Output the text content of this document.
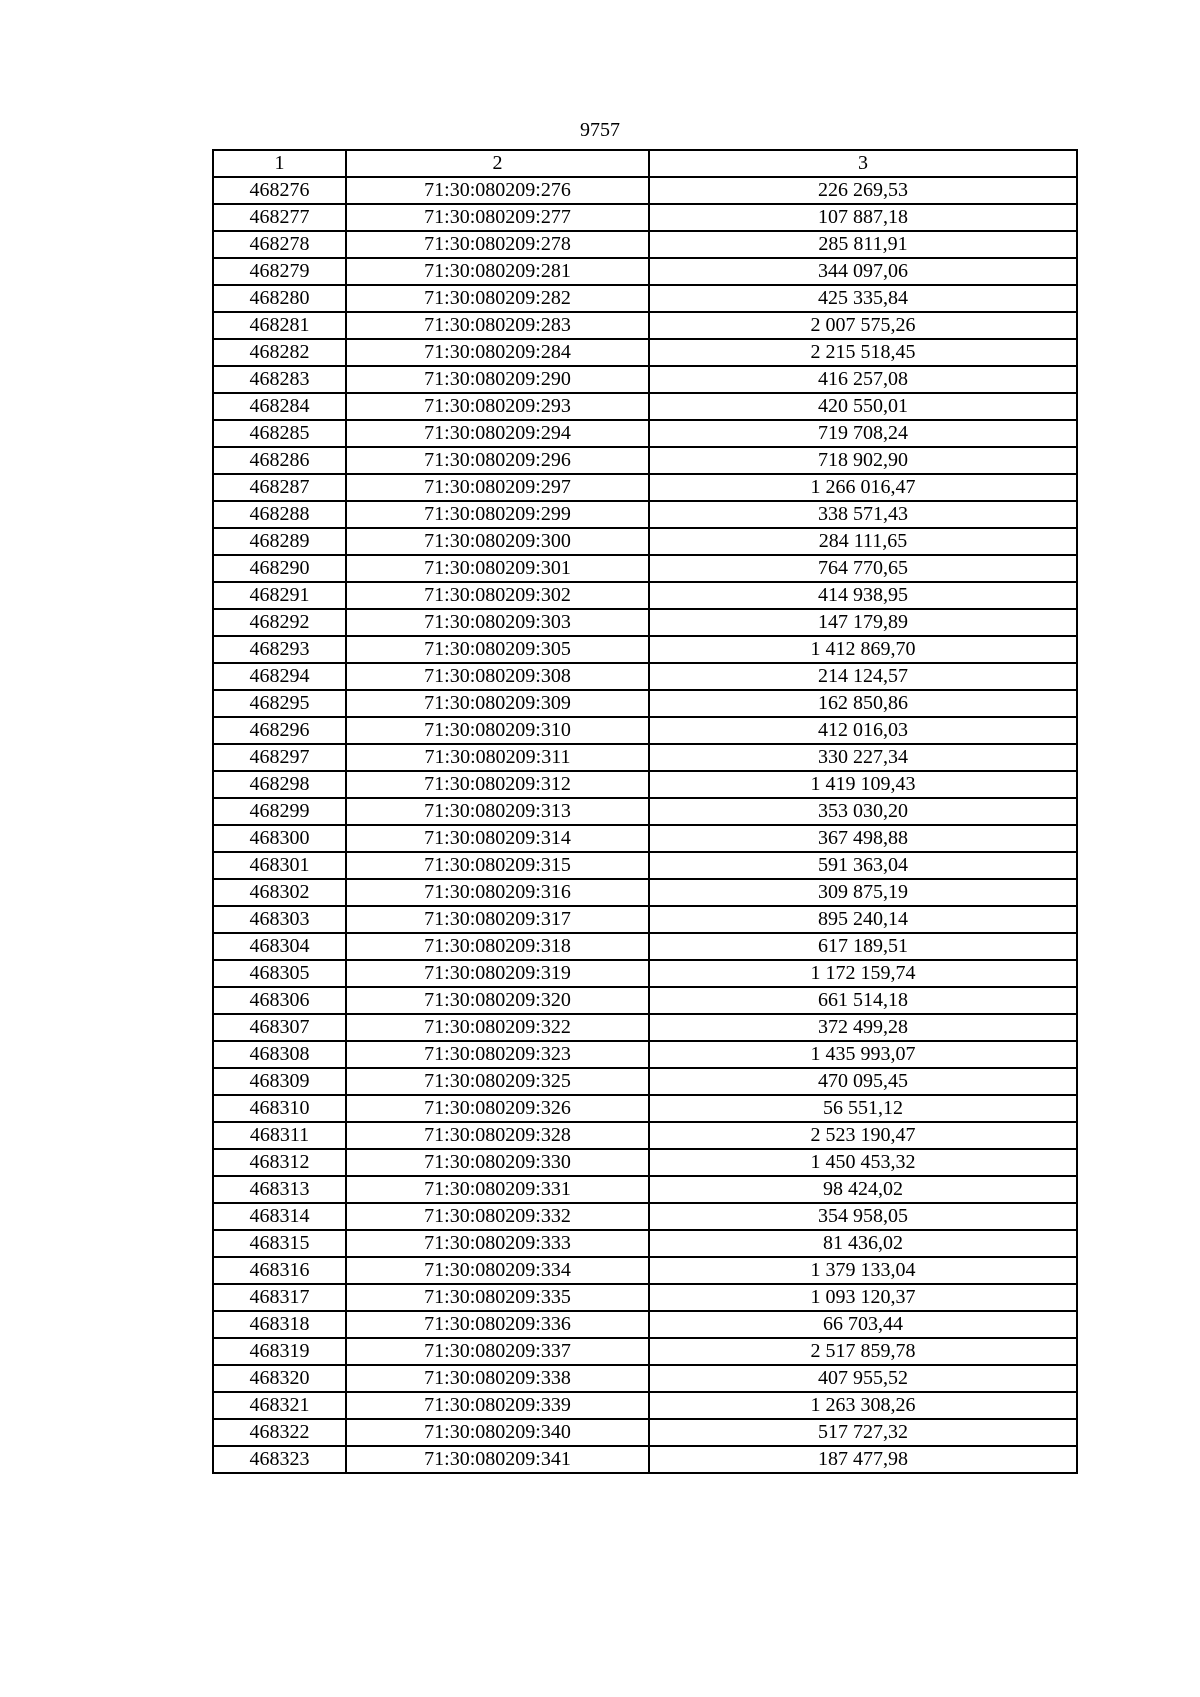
9757
1	2	3
468276	71:30:080209:276	226 269,53
468277	71:30:080209:277	107 887,18
468278	71:30:080209:278	285 811,91
468279	71:30:080209:281	344 097,06
468280	71:30:080209:282	425 335,84
468281	71:30:080209:283	2 007 575,26
468282	71:30:080209:284	2 215 518,45
468283	71:30:080209:290	416 257,08
468284	71:30:080209:293	420 550,01
468285	71:30:080209:294	719 708,24
468286	71:30:080209:296	718 902,90
468287	71:30:080209:297	1 266 016,47
468288	71:30:080209:299	338 571,43
468289	71:30:080209:300	284 111,65
468290	71:30:080209:301	764 770,65
468291	71:30:080209:302	414 938,95
468292	71:30:080209:303	147 179,89
468293	71:30:080209:305	1 412 869,70
468294	71:30:080209:308	214 124,57
468295	71:30:080209:309	162 850,86
468296	71:30:080209:310	412 016,03
468297	71:30:080209:311	330 227,34
468298	71:30:080209:312	1 419 109,43
468299	71:30:080209:313	353 030,20
468300	71:30:080209:314	367 498,88
468301	71:30:080209:315	591 363,04
468302	71:30:080209:316	309 875,19
468303	71:30:080209:317	895 240,14
468304	71:30:080209:318	617 189,51
468305	71:30:080209:319	1 172 159,74
468306	71:30:080209:320	661 514,18
468307	71:30:080209:322	372 499,28
468308	71:30:080209:323	1 435 993,07
468309	71:30:080209:325	470 095,45
468310	71:30:080209:326	56 551,12
468311	71:30:080209:328	2 523 190,47
468312	71:30:080209:330	1 450 453,32
468313	71:30:080209:331	98 424,02
468314	71:30:080209:332	354 958,05
468315	71:30:080209:333	81 436,02
468316	71:30:080209:334	1 379 133,04
468317	71:30:080209:335	1 093 120,37
468318	71:30:080209:336	66 703,44
468319	71:30:080209:337	2 517 859,78
468320	71:30:080209:338	407 955,52
468321	71:30:080209:339	1 263 308,26
468322	71:30:080209:340	517 727,32
468323	71:30:080209:341	187 477,98
